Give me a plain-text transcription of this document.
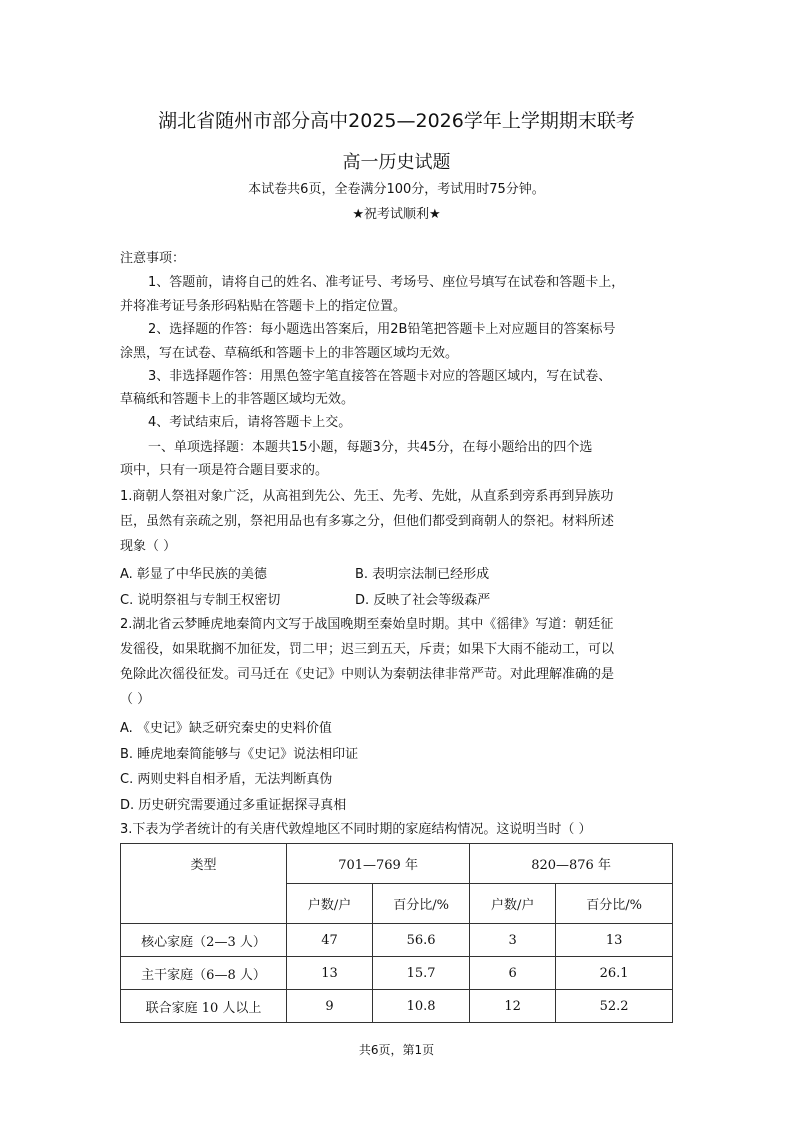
湖北省随州市部分高中2025—2026学年上学期期末联考
高一历史试题
本试卷共6页，全卷满分100分，考试用时75分钟。
★祝考试顺利★
注意事项：
1、答题前，请将自己的姓名、准考证号、考场号、座位号填写在试卷和答题卡上，
并将准考证号条形码粘贴在答题卡上的指定位置。
2、选择题的作答：每小题选出答案后，用2B铅笔把答题卡上对应题目的答案标号
涂黑，写在试卷、草稿纸和答题卡上的非答题区域均无效。
3、非选择题作答：用黑色签字笔直接答在答题卡对应的答题区域内，写在试卷、
草稿纸和答题卡上的非答题区域均无效。
4、考试结束后，请将答题卡上交。
一、单项选择题：本题共15小题，每题3分，共45分，在每小题给出的四个选
项中，只有一项是符合题目要求的。
1.商朝人祭祖对象广泛，从高祖到先公、先王、先考、先妣，从直系到旁系再到异族功
臣，虽然有亲疏之别，祭祀用品也有多寡之分，但他们都受到商朝人的祭祀。材料所述
现象（ ）
A. 彰显了中华民族的美德	B. 表明宗法制已经形成
C. 说明祭祖与专制王权密切	D. 反映了社会等级森严
2.湖北省云梦睡虎地秦简内文写于战国晚期至秦始皇时期。其中《徭律》写道：朝廷征
发徭役，如果耽搁不加征发，罚二甲；迟三到五天，斥责；如果下大雨不能动工，可以
免除此次徭役征发。司马迁在《史记》中则认为秦朝法律非常严苛。对此理解准确的是
（ ）
A. 《史记》缺乏研究秦史的史料价值
B. 睡虎地秦简能够与《史记》说法相印证
C. 两则史料自相矛盾，无法判断真伪
D. 历史研究需要通过多重证据探寻真相
3.下表为学者统计的有关唐代敦煌地区不同时期的家庭结构情况。这说明当时（ ）
类型	701—769 年		820—876 年	
	户数/户	百分比/%	户数/户	百分比/%
核心家庭（2—3 人）	47	56.6	3	13
主干家庭（6—8 人）	13	15.7	6	26.1
联合家庭 10 人以上	9	10.8	12	52.2
共6页，第1页
